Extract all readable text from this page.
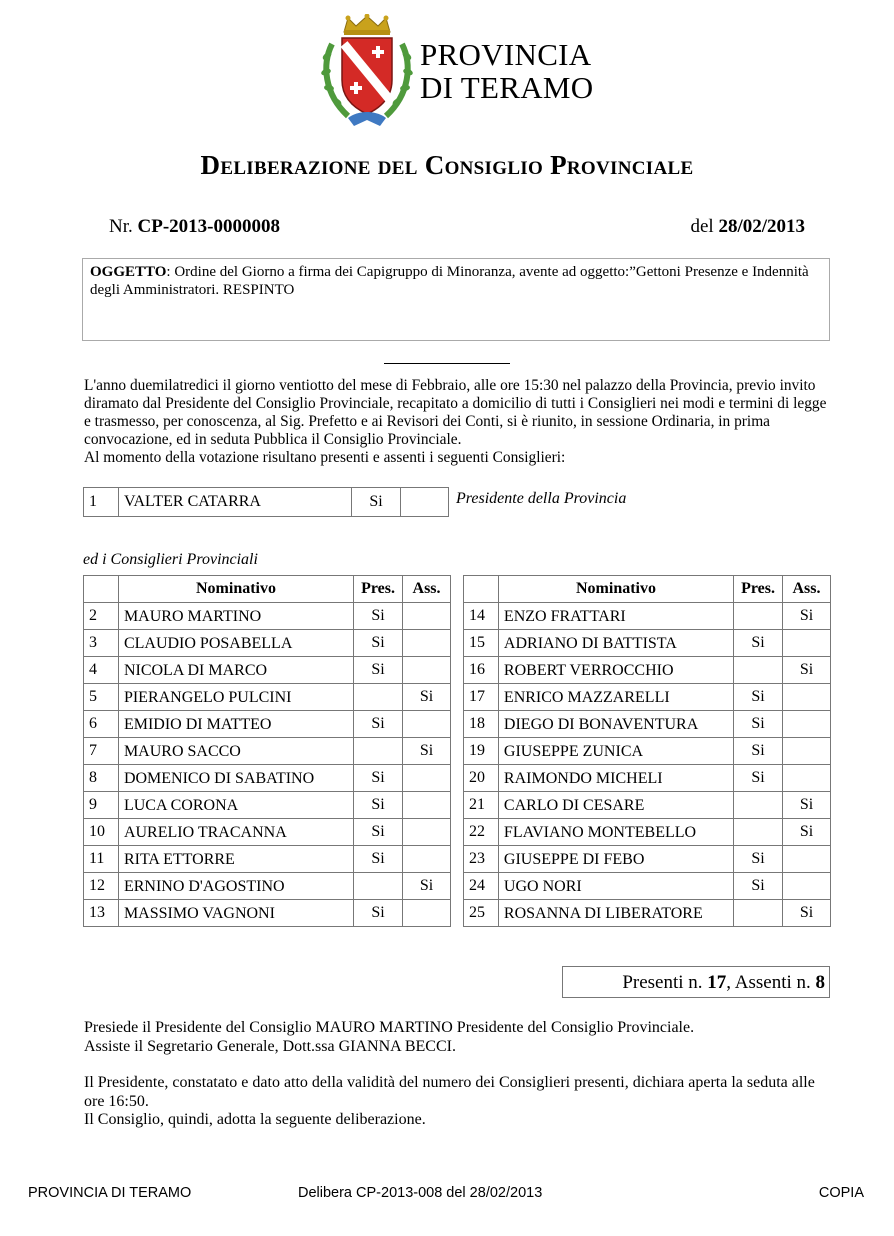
PROVINCIA
DI TERAMO
Deliberazione del Consiglio Provinciale
Nr. CP-2013-0000008	del 28/02/2013
OGGETTO: Ordine del Giorno a firma dei Capigruppo di Minoranza, avente ad oggetto:”Gettoni Presenze e Indennità degli Amministratori. RESPINTO
L'anno duemilatredici il giorno ventiotto del mese di Febbraio, alle ore 15:30 nel palazzo della Provincia, previo invito diramato dal Presidente del Consiglio Provinciale, recapitato a domicilio di tutti i Consiglieri nei modi e termini di legge e trasmesso, per conoscenza, al Sig. Prefetto e ai Revisori dei Conti, si è riunito, in sessione Ordinaria, in prima convocazione, ed in seduta Pubblica il Consiglio Provinciale.
Al momento della votazione risultano presenti e assenti i seguenti Consiglieri:
1	VALTER CATARRA	Si		Presidente della Provincia
ed i Consiglieri Provinciali
	Nominativo	Pres.	Ass.
2	MAURO MARTINO	Si	
3	CLAUDIO POSABELLA	Si	
4	NICOLA DI MARCO	Si	
5	PIERANGELO PULCINI		Si
6	EMIDIO DI MATTEO	Si	
7	MAURO SACCO		Si
8	DOMENICO DI SABATINO	Si	
9	LUCA CORONA	Si	
10	AURELIO TRACANNA	Si	
11	RITA ETTORRE	Si	
12	ERNINO D'AGOSTINO		Si
13	MASSIMO VAGNONI	Si	
	Nominativo	Pres.	Ass.
14	ENZO FRATTARI		Si
15	ADRIANO DI BATTISTA	Si	
16	ROBERT VERROCCHIO		Si
17	ENRICO MAZZARELLI	Si	
18	DIEGO DI BONAVENTURA	Si	
19	GIUSEPPE ZUNICA	Si	
20	RAIMONDO MICHELI	Si	
21	CARLO DI CESARE		Si
22	FLAVIANO MONTEBELLO		Si
23	GIUSEPPE DI FEBO	Si	
24	UGO NORI	Si	
25	ROSANNA DI LIBERATORE		Si
Presenti n. 17, Assenti n. 8
Presiede il Presidente del Consiglio MAURO MARTINO Presidente del Consiglio Provinciale.
Assiste il Segretario Generale, Dott.ssa GIANNA BECCI.
Il Presidente, constatato e dato atto della validità del numero dei Consiglieri presenti, dichiara aperta la seduta alle ore 16:50.
Il Consiglio, quindi, adotta la seguente deliberazione.
PROVINCIA DI TERAMO	Delibera CP-2013-008 del 28/02/2013	COPIA
